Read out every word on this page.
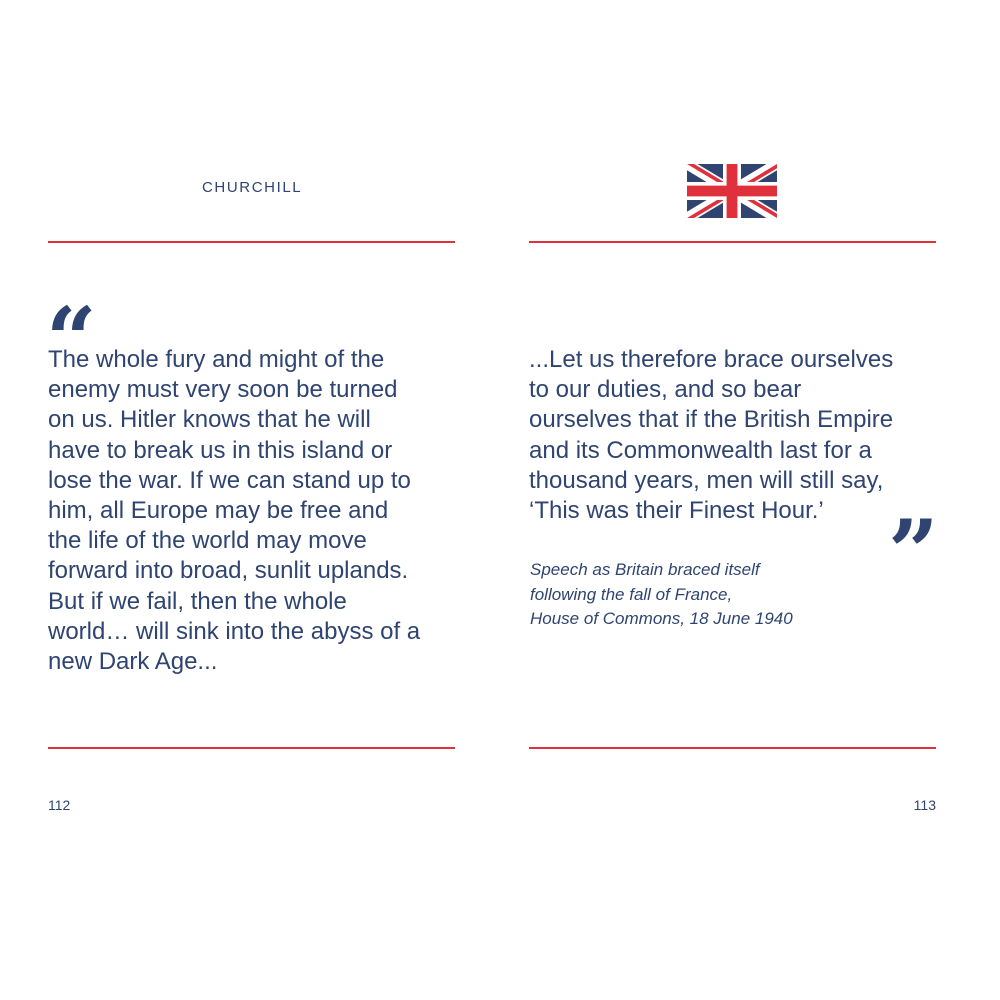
CHURCHILL
“
The whole fury and might of the
enemy must very soon be turned
on us. Hitler knows that he will
have to break us in this island or
lose the war. If we can stand up to
him, all Europe may be free and
the life of the world may move
forward into broad, sunlit uplands.
But if we fail, then the whole
world… will sink into the abyss of a
new Dark Age...
112
...Let us therefore brace ourselves
to our duties, and so bear
ourselves that if the British Empire
and its Commonwealth last for a
thousand years, men will still say,
‘This was their Finest Hour.’ ”
Speech as Britain braced itself
following the fall of France,
House of Commons, 18 June 1940
113
